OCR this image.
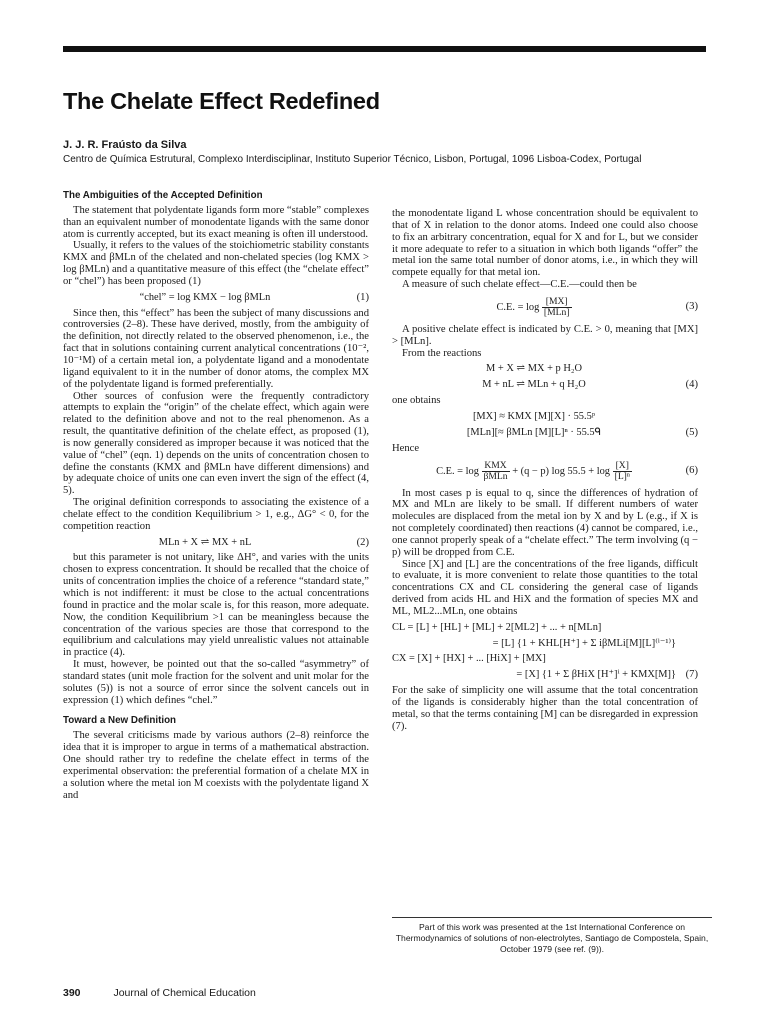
The Chelate Effect Redefined
J. J. R. Fraústo da Silva
Centro de Química Estrutural, Complexo Interdisciplinar, Instituto Superior Técnico, Lisbon, Portugal, 1096 Lisboa-Codex, Portugal
The Ambiguities of the Accepted Definition

The statement that polydentate ligands form more “stable” complexes than an equivalent number of monodentate ligands with the same donor atom is currently accepted, but its exact meaning is often ill understood.

Usually, it refers to the values of the stoichiometric stability constants KMX and βMLn of the chelated and non-chelated species (log KMX > log βMLn) and a quantitative measure of this effect (the “chelate effect” or “chel”) has been proposed (1)

“chel” = log KMX − log βMLn	(1)

Since then, this “effect” has been the subject of many discussions and controversies (2–8). These have derived, mostly, from the ambiguity of the definition, not directly related to the observed phenomenon, i.e., the fact that in solutions containing current analytical concentrations (10⁻², 10⁻¹M) of a certain metal ion, a polydentate ligand and a monodentate ligand equivalent to it in the number of donor atoms, the complex MX of the polydentate ligand is formed preferentially.

Other sources of confusion were the frequently contradictory attempts to explain the “origin” of the chelate effect, which again were related to the definition above and not to the real phenomenon. As a result, the quantitative definition of the chelate effect, as proposed (1), is now generally considered as improper because it was noticed that the value of “chel” (eqn. 1) depends on the units of concentration chosen to define the constants (KMX and βMLn have different dimensions) and by adequate choice of units one can even invert the sign of the effect (4, 5).

The original definition corresponds to associating the existence of a chelate effect to the condition Kequilibrium > 1, e.g., ΔG° < 0, for the competition reaction

MLn + X ⇌ MX + nL	(2)

but this parameter is not unitary, like ΔH°, and varies with the units chosen to express concentration. It should be recalled that the choice of units of concentration implies the choice of a reference “standard state,” which is not indifferent: it must be close to the actual concentrations found in practice and the molar scale is, for this reason, more adequate. Now, the condition Kequilibrium >1 can be meaningless because the concentration of the various species are those that correspond to the equilibrium and calculations may yield unrealistic values not attainable in practice (4).

It must, however, be pointed out that the so-called “asymmetry” of standard states (unit mole fraction for the solvent and unit molar for the solutes (5)) is not a source of error since the solvent cancels out in expression (1) which defines “chel.”

Toward a New Definition

The several criticisms made by various authors (2–8) reinforce the idea that it is improper to argue in terms of a mathematical abstraction. One should rather try to redefine the chelate effect in terms of the experimental observation: the preferential formation of a chelate MX in a solution where the metal ion M coexists with the polydentate ligand X and

the monodentate ligand L whose concentration should be equivalent to that of X in relation to the donor atoms. Indeed one could also choose to fix an arbitrary concentration, equal for X and for L, but we consider it more adequate to refer to a situation in which both ligands “offer” the metal ion the same total number of donor atoms, i.e., in which they will compete equally for that metal ion.

A measure of such chelate effect—C.E.—could then be

C.E. = $\log \frac{[MX]}{\text{[MLn]}}$	(3)

A positive chelate effect is indicated by C.E. > 0, meaning that [MX] > [MLn].

From the reactions

M + X ⇌ MX + p H₂O
M + nL ⇌ MLn + q H₂O	(4)

one obtains

[MX] ≈ KMX [M][X] · 55.5ᵖ
[MLn][≈ βMLn [M][L]ⁿ · 55.5ᑫ	(5)

Hence

C.E. = $\log \frac{\text{KMX}}{\text{βMLn}} + (q - p)$ $\log 55.5 + \log \frac{[X]}{\text{[L]ⁿ}}$	(6)

In most cases p is equal to q, since the differences of hydration of MX and MLn are likely to be small. If different numbers of water molecules are displaced from the metal ion by X and by L (e.g., if X is not completely coordinated) then reactions (4) cannot be compared, i.e., one cannot properly speak of a “chelate effect.” The term involving (q − p) will be dropped from C.E.

Since [X] and [L] are the concentrations of the free ligands, difficult to evaluate, it is more convenient to relate those quantities to the total concentrations CX and CL considering the general case of ligands derived from acids HL and HiX and the formation of species MX and ML, ML2...MLn, one obtains

CL = [L] + [HL] + [ML] + 2[ML2] + ... + n[MLn]
= [L] {1 + KHL[H⁺] + Σ iβMLi[M][L]⁽ⁱ⁻¹⁾}
CX = [X] + [HX] + ... [HiX] + [MX]
= [X] {1 + Σ βHiX [H⁺]ⁱ + KMX[M]} (7)

For the sake of simplicity one will assume that the total concentration of the ligands is considerably higher than the total concentration of metal, so that the terms containing [M] can be disregarded in expression (7).

Part of this work was presented at the 1st International Conference on Thermodynamics of solutions of non-electrolytes, Santiago de Compostela, Spain, October 1979 (see ref. (9)).
390	Journal of Chemical Education
